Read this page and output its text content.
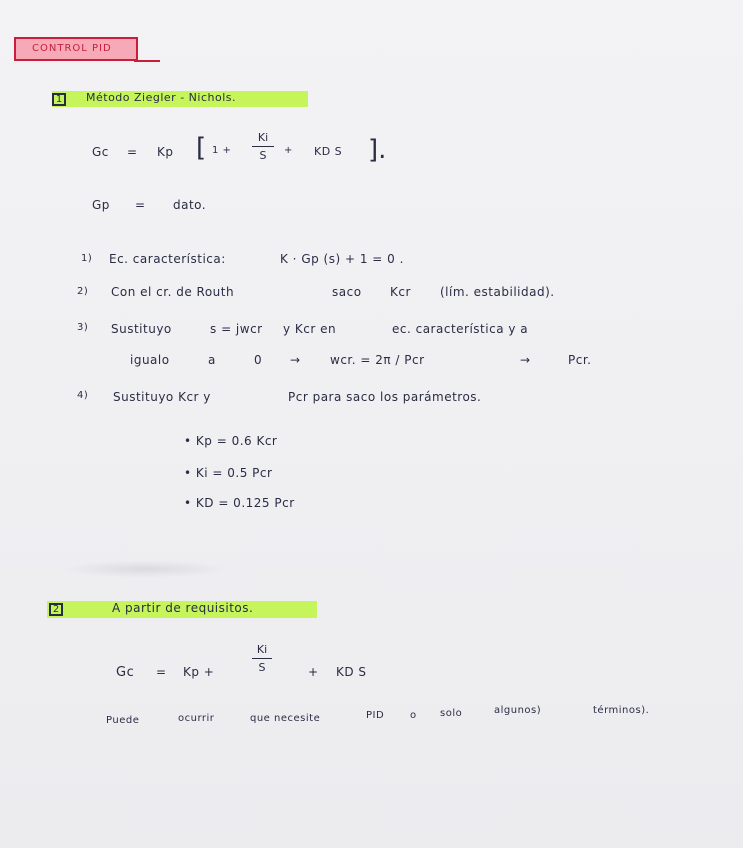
CONTROL PID
1	Método Ziegler - Nichols.
Gc = Kp [ 1 +
Ki
S	+ KD S ].
Gp = dato.
1) Ec. característica:	K · Gp (s) + 1 = 0 .
2) Con el cr. de Routh	saco Kcr (lím. estabilidad).
3) Sustituyo	s = jwcr y Kcr en	ec. característica y a
igualo	a	0 → wcr. = 2π / Pcr	→	Pcr.
4) Sustituyo Kcr y	Pcr para saco los parámetros.
• Kp = 0.6 Kcr
• Ki = 0.5 Pcr
• KD = 0.125 Pcr
2	A partir de requisitos.
Gc = Kp +
Ki
S	+ KD S
Puede	ocurrir	que necesite	PID	o solo	algunos)	términos).
